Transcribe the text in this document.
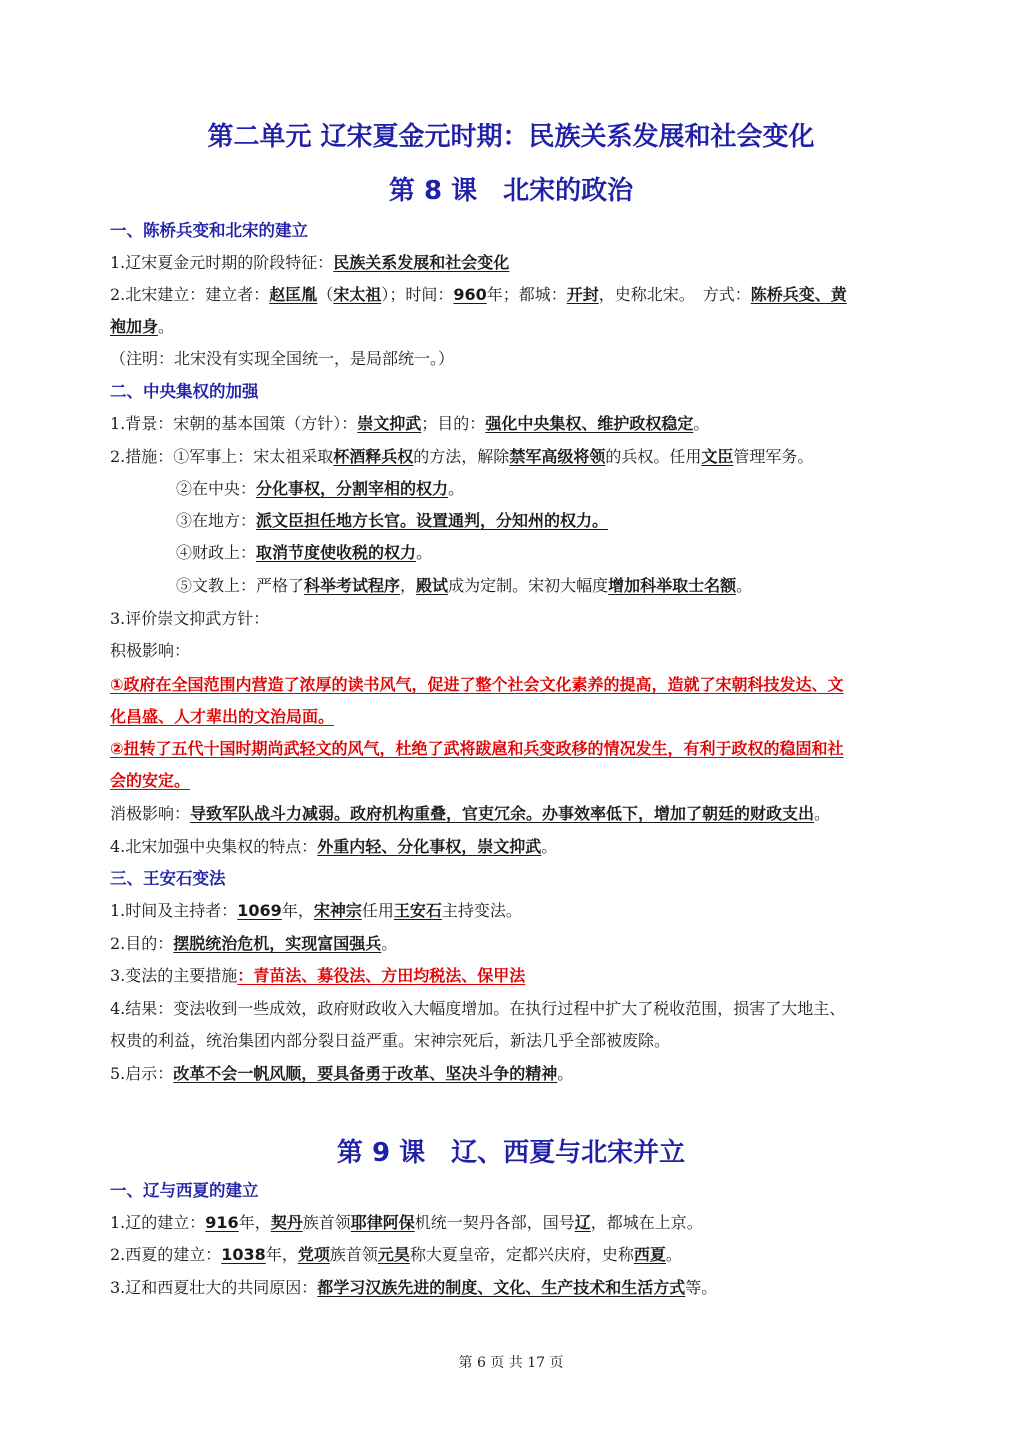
第二单元 辽宋夏金元时期：民族关系发展和社会变化
第 8 课　北宋的政治
一、陈桥兵变和北宋的建立
1.辽宋夏金元时期的阶段特征：民族关系发展和社会变化
2.北宋建立：建立者：赵匡胤（宋太祖）；时间：960年；都城：开封，史称北宋。　方式：陈桥兵变、黄
袍加身。
（注明：北宋没有实现全国统一，是局部统一。）
二、中央集权的加强
1.背景：宋朝的基本国策（方针）：崇文抑武；目的：强化中央集权、维护政权稳定。
2.措施：①军事上：宋太祖采取杯酒释兵权的方法，解除禁军高级将领的兵权。任用文臣管理军务。
②在中央：分化事权，分割宰相的权力。
③在地方：派文臣担任地方长官。设置通判，分知州的权力。
④财政上：取消节度使收税的权力。
⑤文教上：严格了科举考试程序，殿试成为定制。宋初大幅度增加科举取士名额。
3.评价崇文抑武方针：
积极影响：
①政府在全国范围内营造了浓厚的读书风气，促进了整个社会文化素养的提高，造就了宋朝科技发达、文
化昌盛、人才辈出的文治局面。
②扭转了五代十国时期尚武轻文的风气，杜绝了武将跋扈和兵变政移的情况发生，有利于政权的稳固和社
会的安定。
消极影响：导致军队战斗力减弱。政府机构重叠，官吏冗余。办事效率低下，增加了朝廷的财政支出。
4.北宋加强中央集权的特点：外重内轻、分化事权，崇文抑武。
三、王安石变法
1.时间及主持者：1069年，宋神宗任用王安石主持变法。
2.目的：摆脱统治危机，实现富国强兵。
3.变法的主要措施：青苗法、募役法、方田均税法、保甲法
4.结果：变法收到一些成效，政府财政收入大幅度增加。在执行过程中扩大了税收范围，损害了大地主、
权贵的利益，统治集团内部分裂日益严重。宋神宗死后，新法几乎全部被废除。
5.启示：改革不会一帆风顺，要具备勇于改革、坚决斗争的精神。
第 9 课　辽、西夏与北宋并立
一、辽与西夏的建立
1.辽的建立：916年，契丹族首领耶律阿保机统一契丹各部，国号辽，都城在上京。
2.西夏的建立：1038年，党项族首领元昊称大夏皇帝，定都兴庆府，史称西夏。
3.辽和西夏壮大的共同原因：都学习汉族先进的制度、文化、生产技术和生活方式等。
第 6 页 共 17 页
